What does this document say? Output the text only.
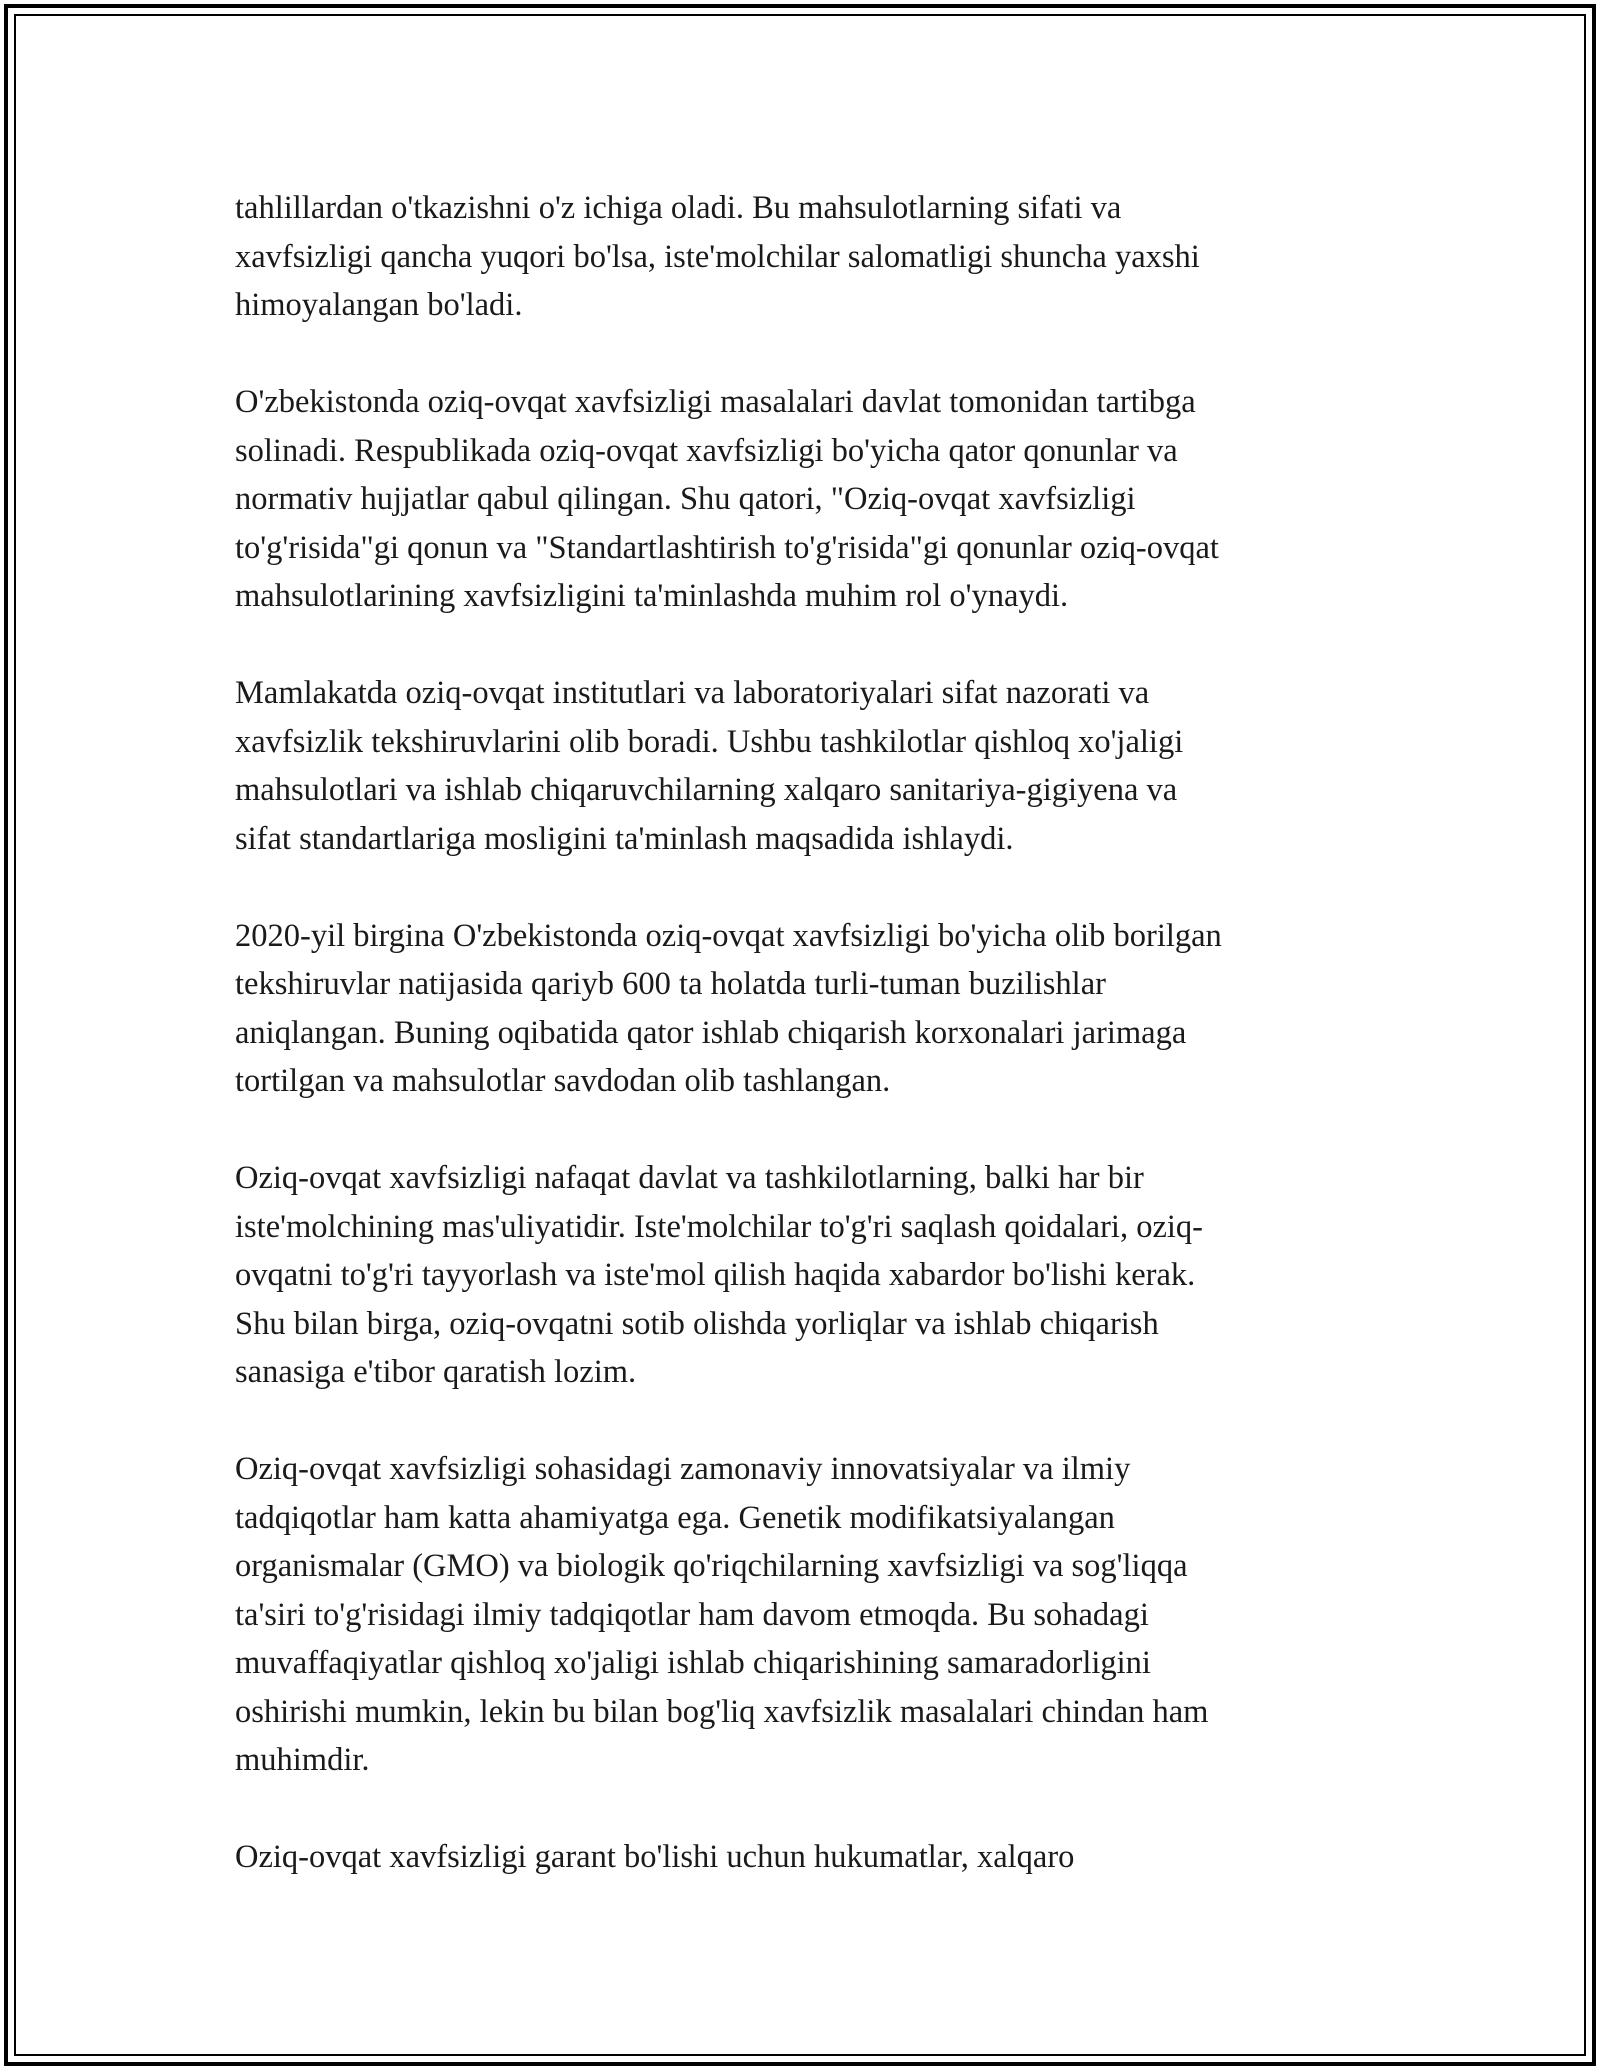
tahlillardan o'tkazishni o'z ichiga oladi. Bu mahsulotlarning sifati va
xavfsizligi qancha yuqori bo'lsa, iste'molchilar salomatligi shuncha yaxshi
himoyalangan bo'ladi.
O'zbekistonda oziq-ovqat xavfsizligi masalalari davlat tomonidan tartibga
solinadi. Respublikada oziq-ovqat xavfsizligi bo'yicha qator qonunlar va
normativ hujjatlar qabul qilingan. Shu qatori, "Oziq-ovqat xavfsizligi
to'g'risida"gi qonun va "Standartlashtirish to'g'risida"gi qonunlar oziq-ovqat
mahsulotlarining xavfsizligini ta'minlashda muhim rol o'ynaydi.
Mamlakatda oziq-ovqat institutlari va laboratoriyalari sifat nazorati va
xavfsizlik tekshiruvlarini olib boradi. Ushbu tashkilotlar qishloq xo'jaligi
mahsulotlari va ishlab chiqaruvchilarning xalqaro sanitariya-gigiyena va
sifat standartlariga mosligini ta'minlash maqsadida ishlaydi.
2020-yil birgina O'zbekistonda oziq-ovqat xavfsizligi bo'yicha olib borilgan
tekshiruvlar natijasida qariyb 600 ta holatda turli-tuman buzilishlar
aniqlangan. Buning oqibatida qator ishlab chiqarish korxonalari jarimaga
tortilgan va mahsulotlar savdodan olib tashlangan.
Oziq-ovqat xavfsizligi nafaqat davlat va tashkilotlarning, balki har bir
iste'molchining mas'uliyatidir. Iste'molchilar to'g'ri saqlash qoidalari, oziq-
ovqatni to'g'ri tayyorlash va iste'mol qilish haqida xabardor bo'lishi kerak.
Shu bilan birga, oziq-ovqatni sotib olishda yorliqlar va ishlab chiqarish
sanasiga e'tibor qaratish lozim.
Oziq-ovqat xavfsizligi sohasidagi zamonaviy innovatsiyalar va ilmiy
tadqiqotlar ham katta ahamiyatga ega. Genetik modifikatsiyalangan
organismalar (GMO) va biologik qo'riqchilarning xavfsizligi va sog'liqqa
ta'siri to'g'risidagi ilmiy tadqiqotlar ham davom etmoqda. Bu sohadagi
muvaffaqiyatlar qishloq xo'jaligi ishlab chiqarishining samaradorligini
oshirishi mumkin, lekin bu bilan bog'liq xavfsizlik masalalari chindan ham
muhimdir.
Oziq-ovqat xavfsizligi garant bo'lishi uchun hukumatlar, xalqaro
